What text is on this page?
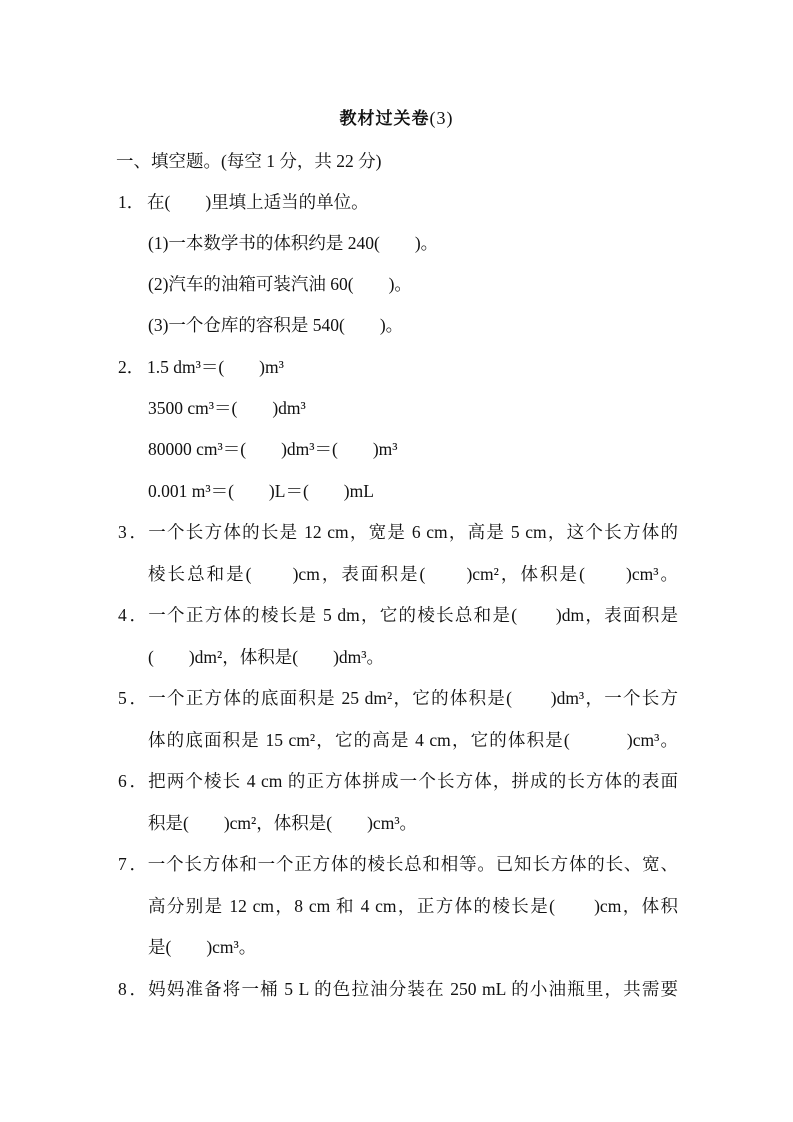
教材过关卷(3)
一、填空题。(每空 1 分，共 22 分)
1． 在(　　)里填上适当的单位。
(1)一本数学书的体积约是 240(　　)。
(2)汽车的油箱可装汽油 60(　　)。
(3)一个仓库的容积是 540(　　)。
2． 1.5 dm³＝(　　)m³
3500 cm³＝(　　)dm³
80000 cm³＝(　　)dm³＝(　　)m³
0.001 m³＝(　　)L＝(　　)mL
3．一个长方体的长是 12 cm，宽是 6 cm，高是 5 cm，这个长方体的
棱长总和是(　　)cm，表面积是(　　)cm²，体积是(　　)cm³。
4．一个正方体的棱长是 5 dm，它的棱长总和是(　　)dm，表面积是
(　　)dm²，体积是(　　)dm³。
5．一个正方体的底面积是 25 dm²，它的体积是(　　)dm³，一个长方
体的底面积是 15 cm²，它的高是 4 cm，它的体积是(　　　)cm³。
6．把两个棱长 4 cm 的正方体拼成一个长方体，拼成的长方体的表面
积是(　　)cm²，体积是(　　)cm³。
7．一个长方体和一个正方体的棱长总和相等。已知长方体的长、宽、
高分别是 12 cm，8 cm 和 4 cm，正方体的棱长是(　　)cm，体积
是(　　)cm³。
8．妈妈准备将一桶 5 L 的色拉油分装在 250 mL 的小油瓶里，共需要
